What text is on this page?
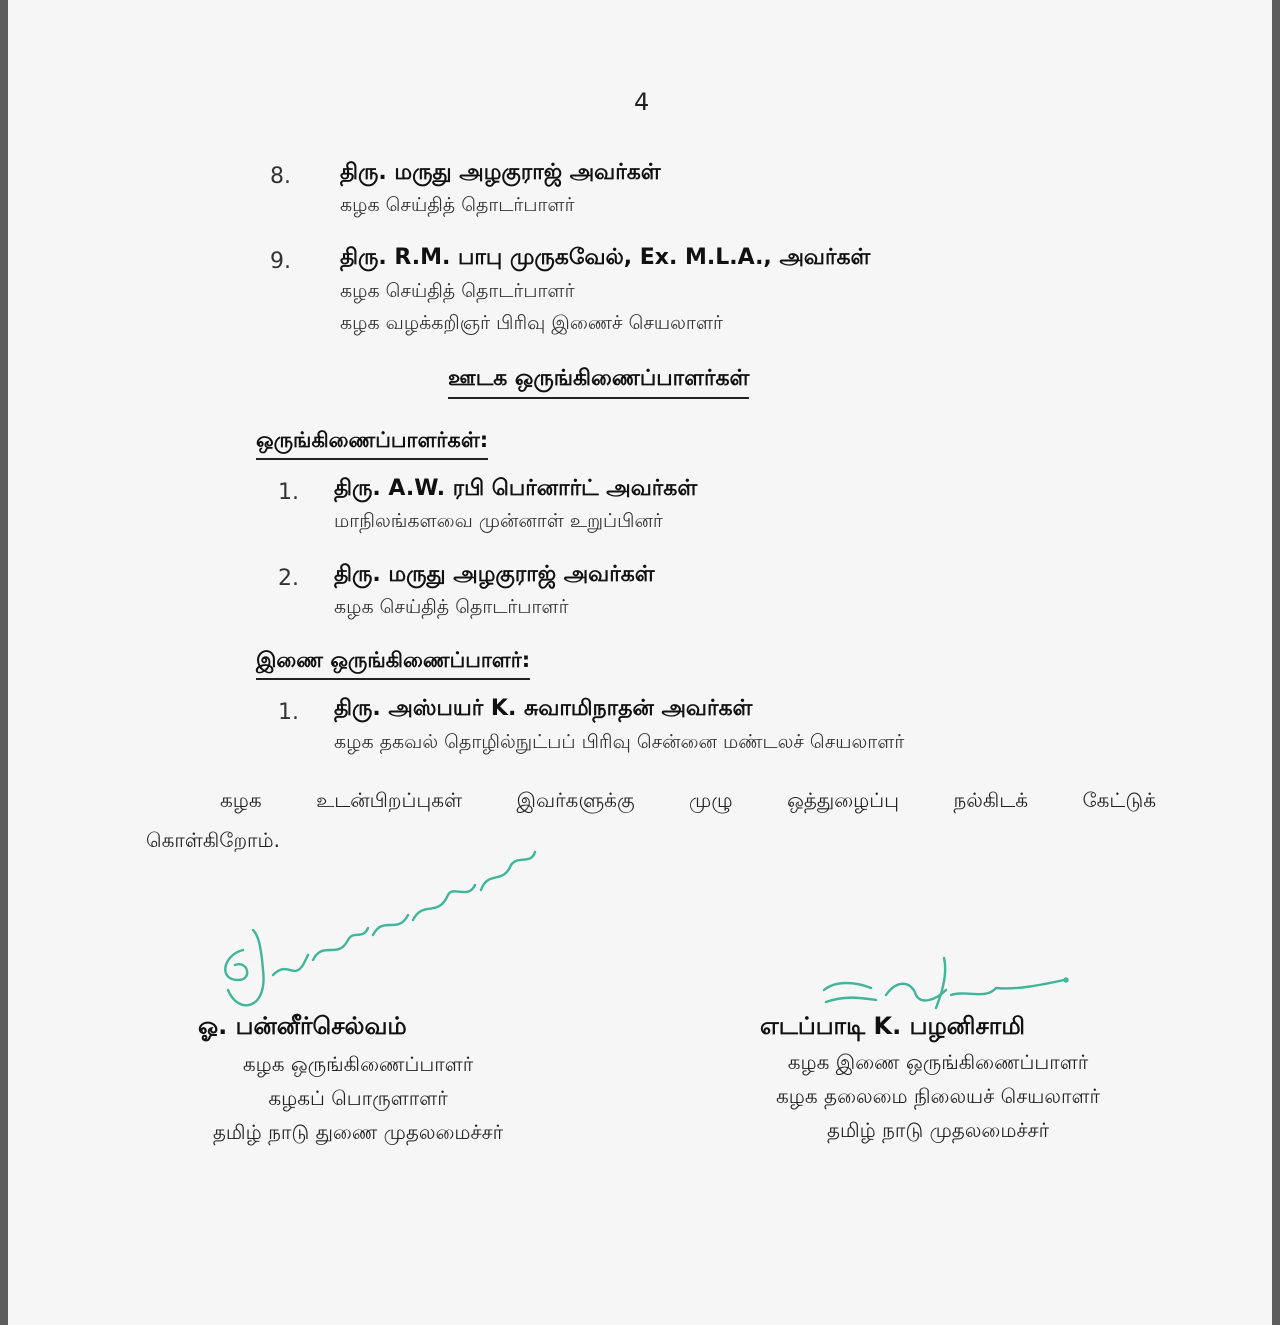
4
8. திரு. மருது அழகுராஜ் அவர்கள்
கழக செய்தித் தொடர்பாளர்
9. திரு. R.M. பாபு முருகவேல், Ex. M.L.A., அவர்கள்
கழக செய்தித் தொடர்பாளர்
கழக வழக்கறிஞர் பிரிவு இணைச் செயலாளர்
ஊடக ஒருங்கிணைப்பாளர்கள்
ஒருங்கிணைப்பாளர்கள்:
1. திரு. A.W. ரபி பெர்னார்ட் அவர்கள்
மாநிலங்களவை முன்னாள் உறுப்பினர்
2. திரு. மருது அழகுராஜ் அவர்கள்
கழக செய்தித் தொடர்பாளர்
இணை ஒருங்கிணைப்பாளர்:
1. திரு. அஸ்பயர் K. சுவாமிநாதன் அவர்கள்
கழக தகவல் தொழில்நுட்பப் பிரிவு சென்னை மண்டலச் செயலாளர்
கழக உடன்பிறப்புகள் இவர்களுக்கு முழு ஒத்துழைப்பு நல்கிடக் கேட்டுக்
கொள்கிறோம்.
ஓ. பன்னீர்செல்வம்
கழக ஒருங்கிணைப்பாளர்
கழகப் பொருளாளர்
தமிழ் நாடு துணை முதலமைச்சர்
எடப்பாடி K. பழனிசாமி
கழக இணை ஒருங்கிணைப்பாளர்
கழக தலைமை நிலையச் செயலாளர்
தமிழ் நாடு முதலமைச்சர்
